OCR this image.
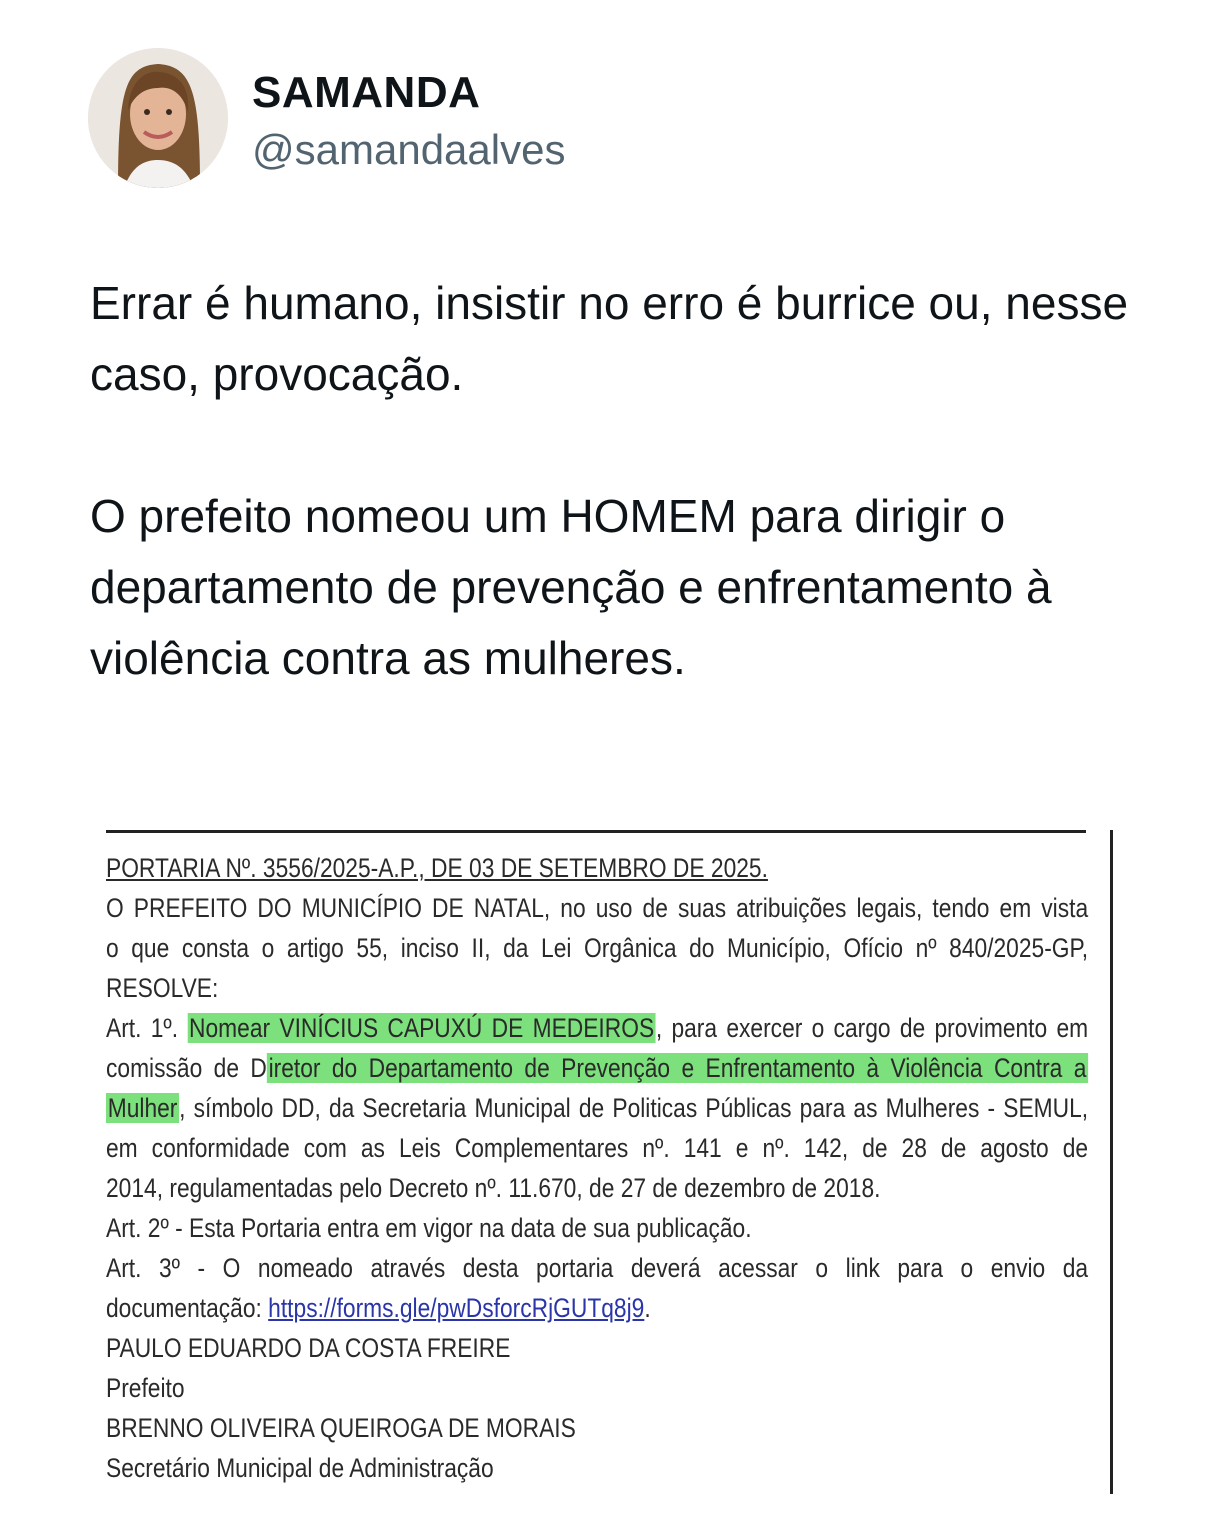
SAMANDA
@samandaalves

Errar é humano, insistir no erro é burrice ou, nesse caso, provocação.

O prefeito nomeou um HOMEM para dirigir o departamento de prevenção e enfrentamento à violência contra as mulheres.

PORTARIA Nº. 3556/2025-A.P., DE 03 DE SETEMBRO DE 2025.
O PREFEITO DO MUNICÍPIO DE NATAL, no uso de suas atribuições legais, tendo em vista
o que consta o artigo 55, inciso II, da Lei Orgânica do Município, Ofício nº 840/2025-GP,
RESOLVE:
Art. 1º. Nomear VINÍCIUS CAPUXÚ DE MEDEIROS, para exercer o cargo de provimento em
comissão de Diretor do Departamento de Prevenção e Enfrentamento à Violência Contra a
Mulher, símbolo DD, da Secretaria Municipal de Politicas Públicas para as Mulheres - SEMUL,
em conformidade com as Leis Complementares nº. 141 e nº. 142, de 28 de agosto de
2014, regulamentadas pelo Decreto nº. 11.670, de 27 de dezembro de 2018.
Art. 2º - Esta Portaria entra em vigor na data de sua publicação.
Art. 3º - O nomeado através desta portaria deverá acessar o link para o envio da
documentação: https://forms.gle/pwDsforcRjGUTq8j9.
PAULO EDUARDO DA COSTA FREIRE
Prefeito
BRENNO OLIVEIRA QUEIROGA DE MORAIS
Secretário Municipal de Administração
